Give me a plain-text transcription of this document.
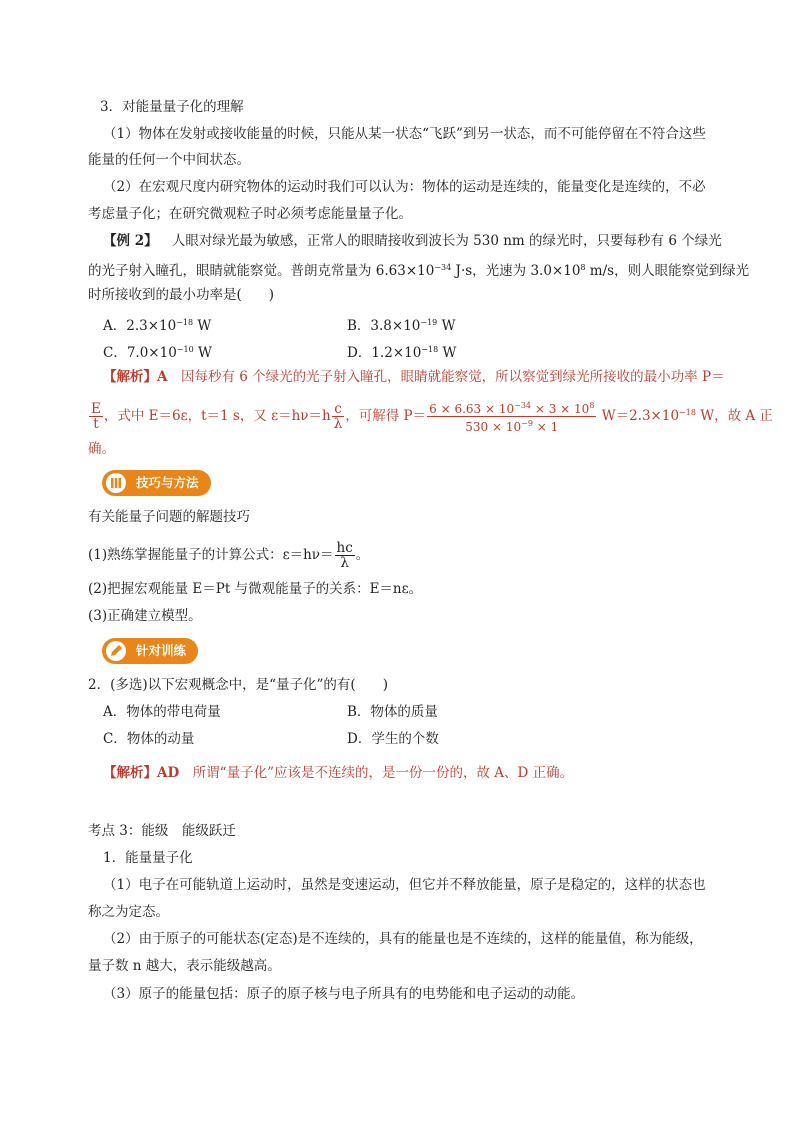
3．对能量量子化的理解
（1）物体在发射或接收能量的时候，只能从某一状态“飞跃”到另一状态，而不可能停留在不符合这些
能量的任何一个中间状态。
（2）在宏观尺度内研究物体的运动时我们可以认为：物体的运动是连续的，能量变化是连续的，不必
考虑量子化；在研究微观粒子时必须考虑能量量子化。
【例 2】 人眼对绿光最为敏感，正常人的眼睛接收到波长为 530 nm 的绿光时，只要每秒有 6 个绿光
的光子射入瞳孔，眼睛就能察觉。普朗克常量为 $6.63\times 10^{-34}$ J·s，光速为 $3.0\times 10^8$ m/s，则人眼能察觉到绿光
时所接收到的最小功率是(　　)
A．$2.3\times 10^{-18}$ W	B．$3.8\times 10^{-19}$ W
C．$7.0\times 10^{-10}$ W	D．$1.2\times 10^{-18}$ W
【解析】A　因每秒有 6 个绿光的光子射入瞳孔，眼睛就能察觉，所以察觉到绿光所接收的最小功率 P＝
$\frac{E}{t}$ ，式中 E＝6ε，t＝1 s，又 $\varepsilon=h\nu=h \frac{c}{\lambda}$ ，可解得 $P= \frac{6 \times 6.63 \times 10^{-34} \times 3 \times 10^8}{530 \times 10^{-9} \times 1} W=2.3\times 10^{-18}$ W，故 A 正
确。
技巧与方法
有关能量子问题的解题技巧
(1)熟练掌握能量子的计算公式：$\varepsilon=h\nu= \frac{hc}{\lambda}$ 。
(2)把握宏观能量 E＝Pt 与微观能量子的关系：E＝nε。
(3)正确建立模型。
针对训练
2．(多选)以下宏观概念中，是“量子化”的有(　　)
A．物体的带电荷量	B．物体的质量
C．物体的动量	D．学生的个数
【解析】AD　所谓“量子化”应该是不连续的，是一份一份的，故 A、D 正确。
考点 3：能级　能级跃迁
1．能量量子化
（1）电子在可能轨道上运动时，虽然是变速运动，但它并不释放能量，原子是稳定的，这样的状态也
称之为定态。
（2）由于原子的可能状态(定态)是不连续的，具有的能量也是不连续的，这样的能量值，称为能级，
量子数 n 越大，表示能级越高。
（3）原子的能量包括：原子的原子核与电子所具有的电势能和电子运动的动能。
